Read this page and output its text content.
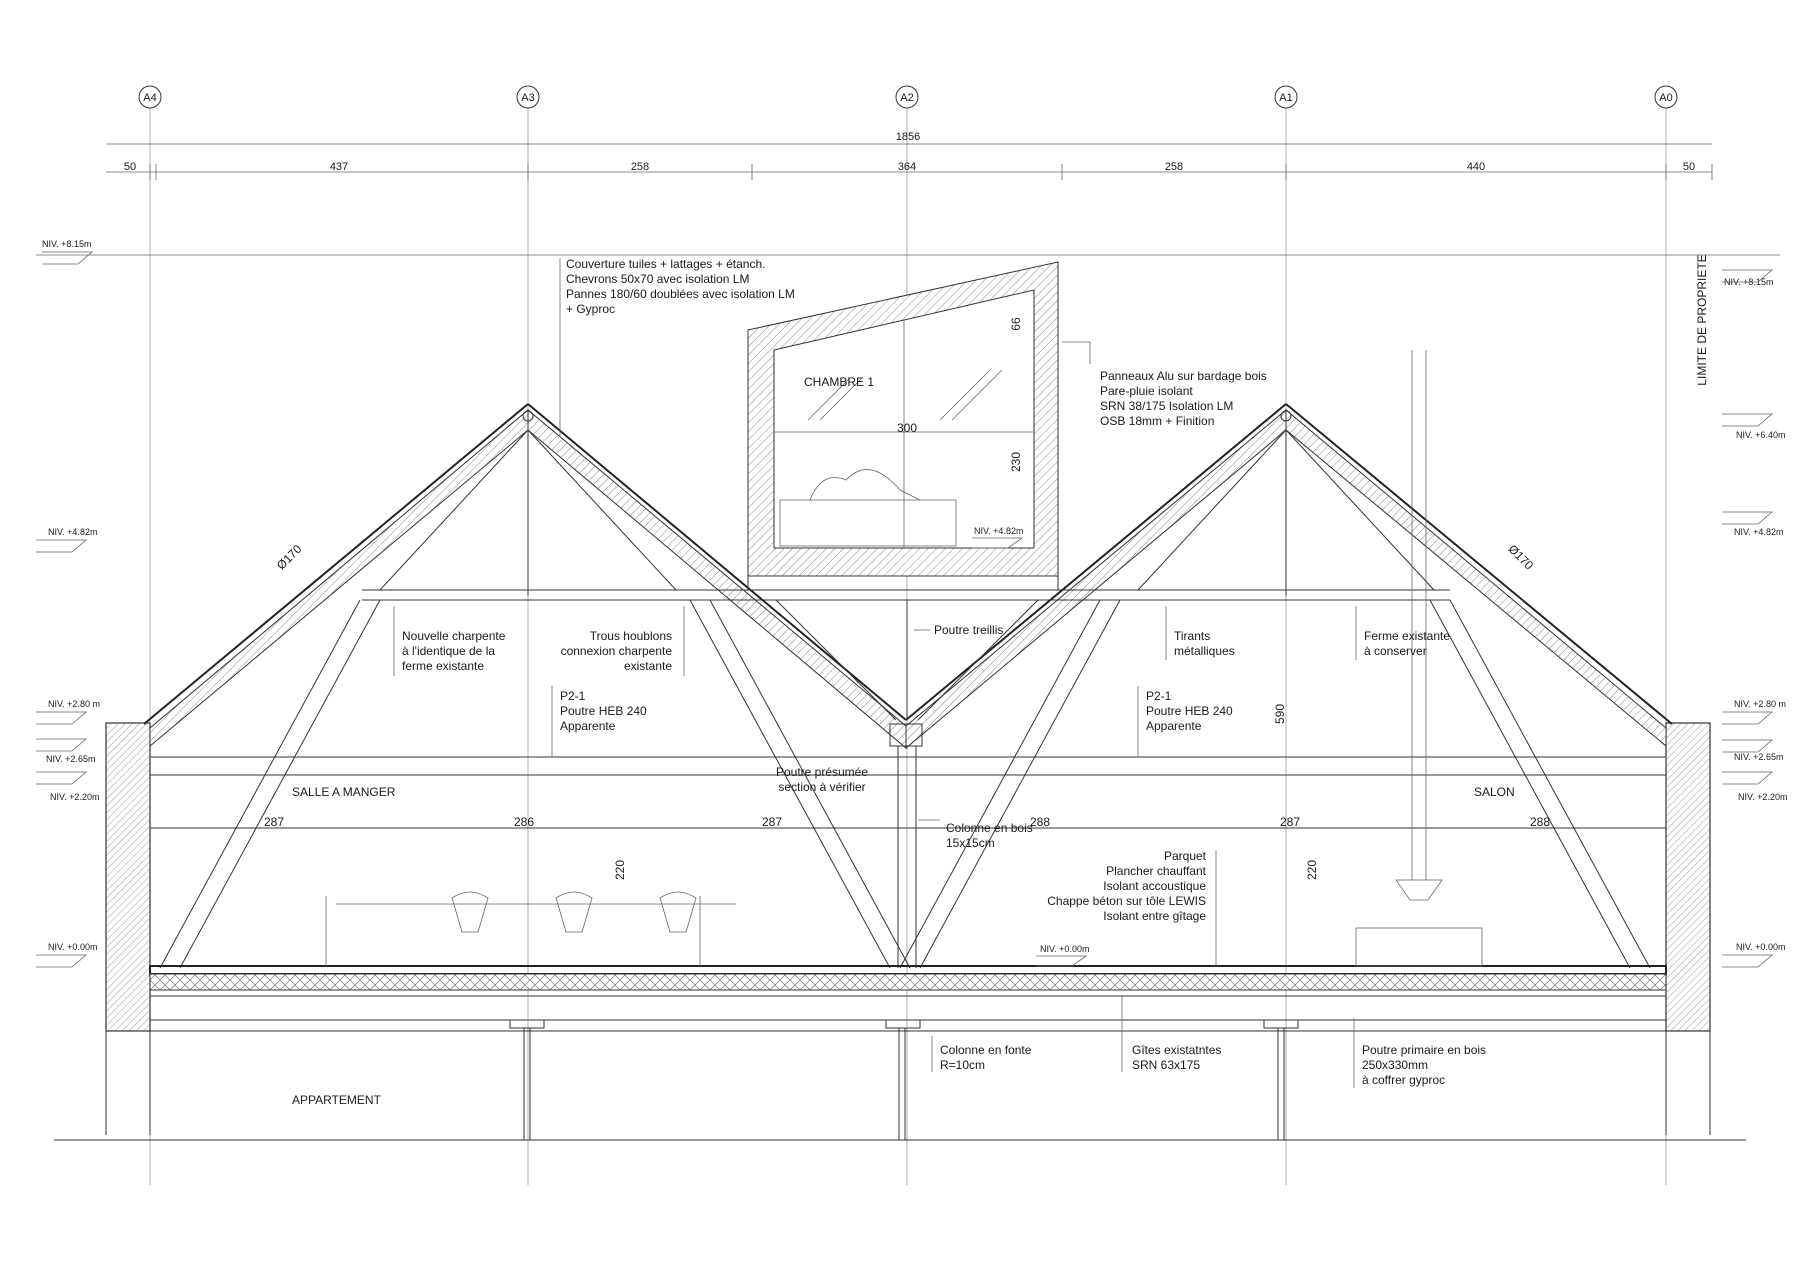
A4	A3	A2	A1	A0
1856
50	437	258	364	258	440	50
LIMITE DE PROPRIETE
NIV. +8.15m
NIV. +4.82m
NIV. +2.80 m
NIV. +2.65m
NIV. +2.20m
NIV. +0.00m
NIV. +8.15m
NIV. +6.40m
NIV. +4.82m
NIV. +2.80 m
NIV. +2.65m
NIV. +2.20m
NIV. +0.00m
CHAMBRE 1
300
230
66
NIV. +4.82m
SALLE A MANGER	SALON
APPARTEMENT
287	286	287	288	287	288
590
220	220
Ø170	Ø170
Couverture tuiles + lattages + étanch.
Chevrons 50x70 avec isolation LM
Pannes 180/60 doublées avec isolation LM
+ Gyproc
Panneaux Alu sur bardage bois
Pare-pluie isolant
SRN 38/175 Isolation LM
OSB 18mm + Finition
Nouvelle charpente
à l'identique de la
ferme existante
Trous houblons
connexion charpente
existante
Poutre treillis	Tirants
métalliques
Ferme existante
à conserver
P2-1
Poutre HEB 240
Apparente
P2-1
Poutre HEB 240
Apparente
Poutre présumée
section à vérifier
Colonne en bois
15x15cm
Parquet
Plancher chauffant
Isolant accoustique
Chappe béton sur tôle LEWIS
Isolant entre gîtage
NIV. +0.00m
Colonne en fonte
R=10cm
Gîtes existatntes
SRN 63x175
Poutre primaire en bois
250x330mm
à coffrer gyproc
